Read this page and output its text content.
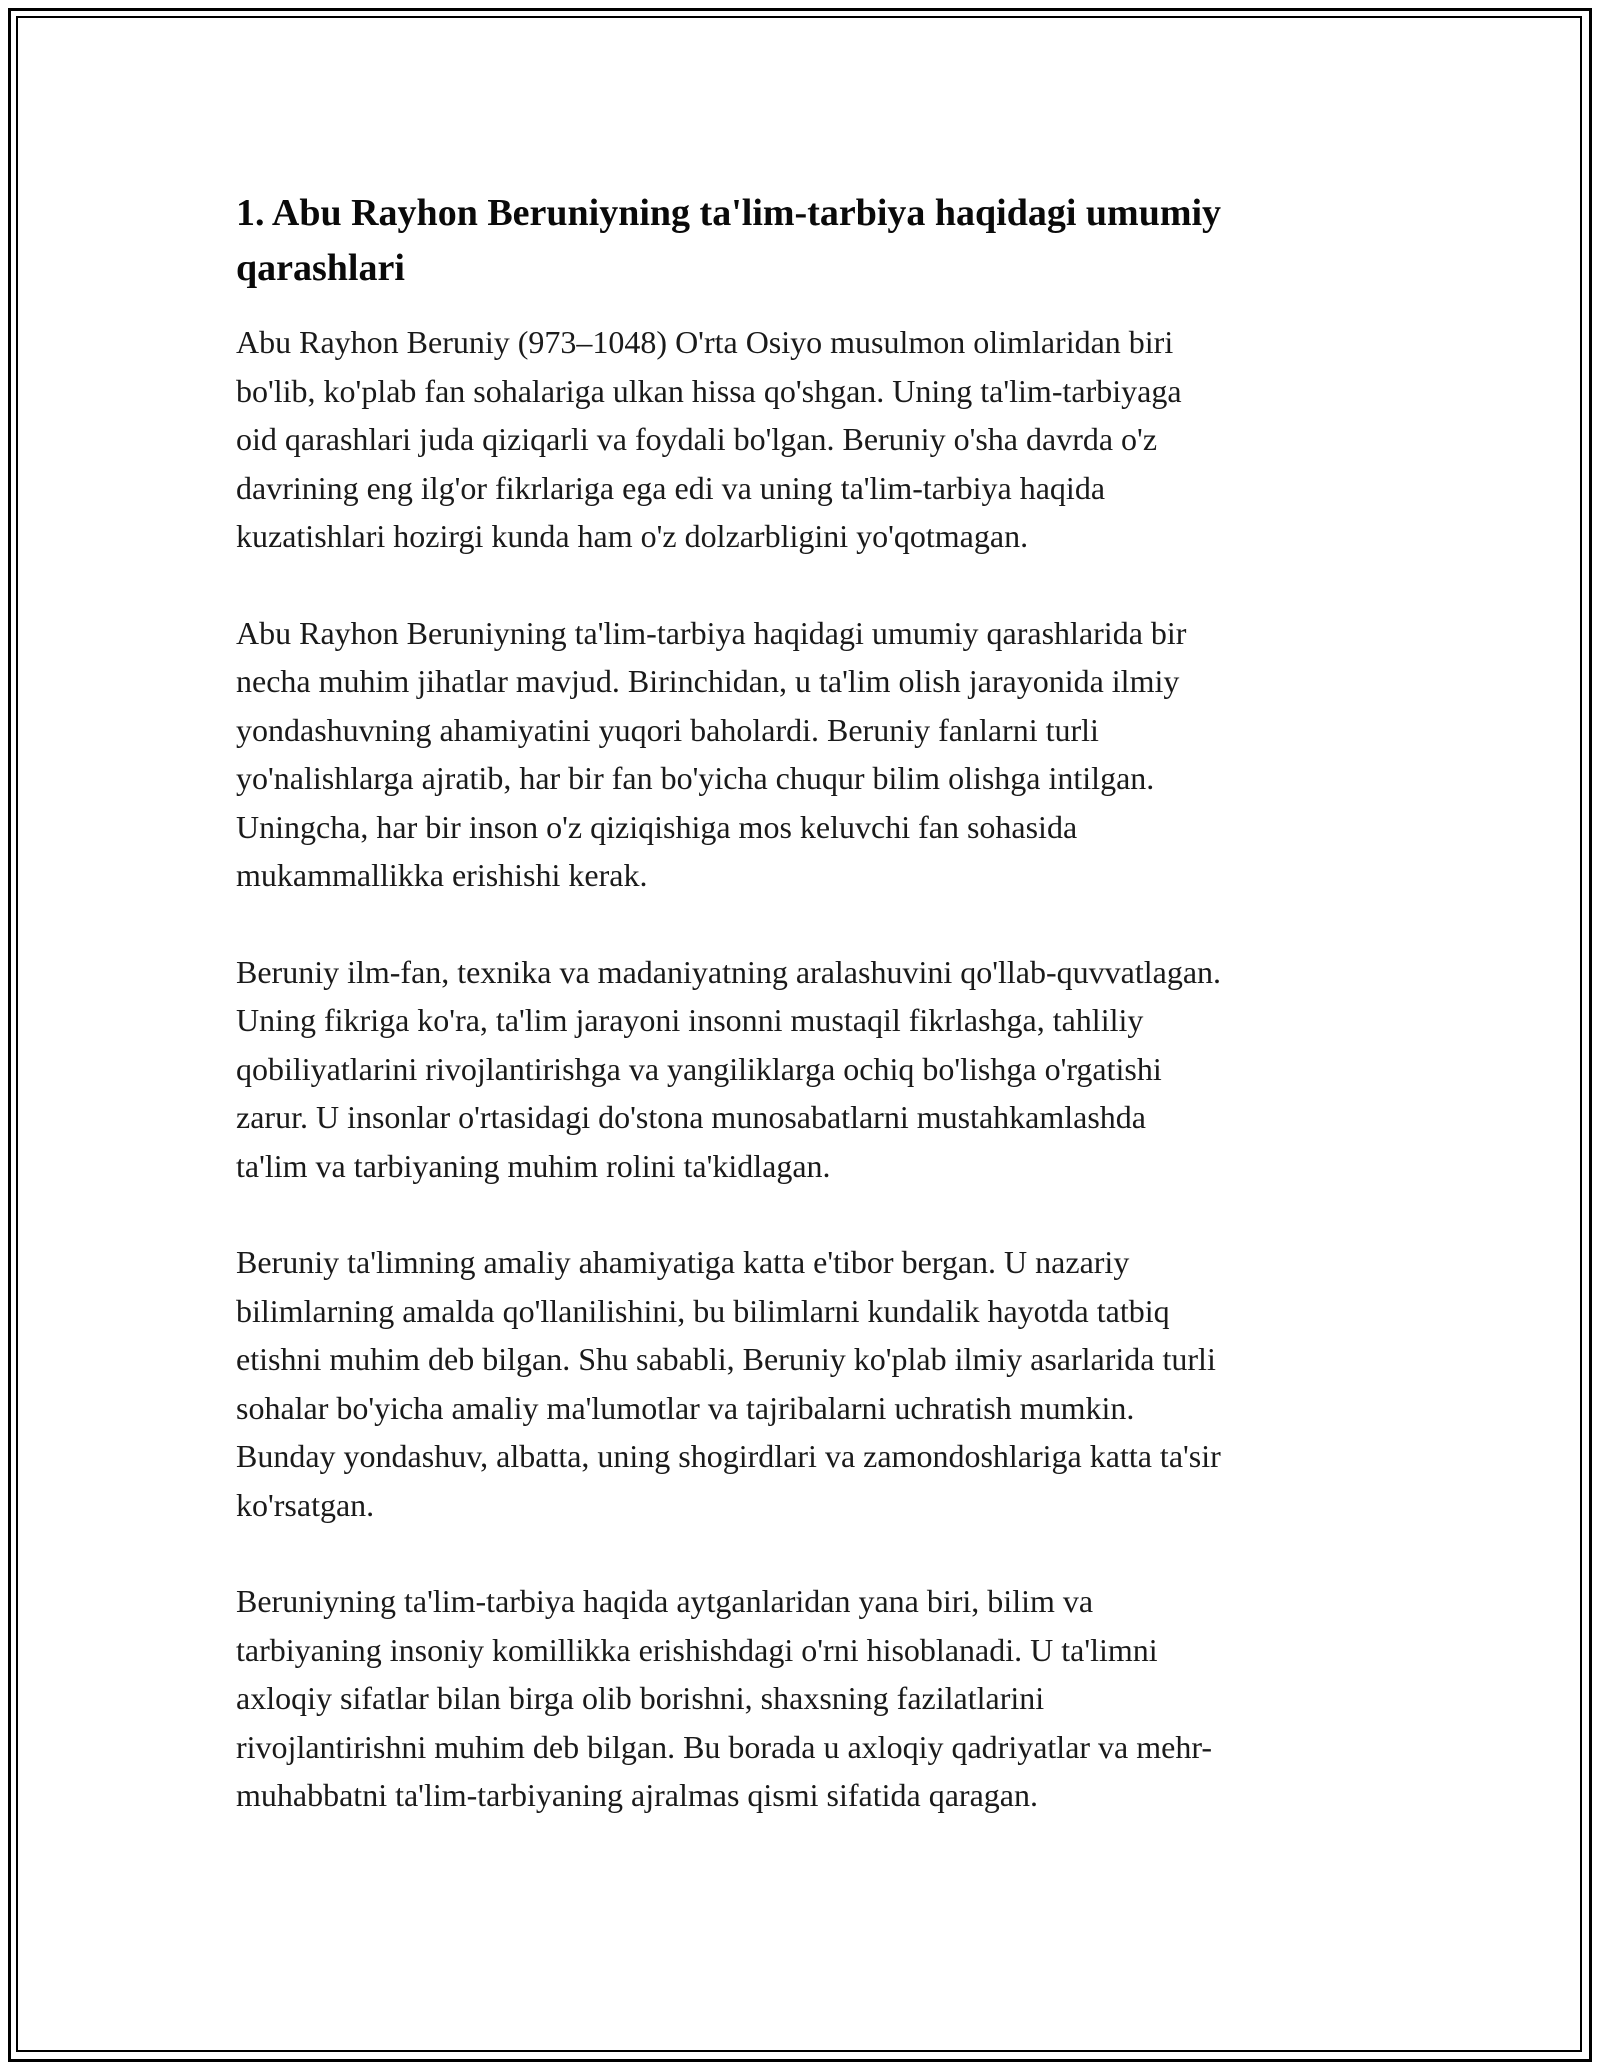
1. Abu Rayhon Beruniyning ta'lim-tarbiya haqidagi umumiy
qarashlari

Abu Rayhon Beruniy (973–1048) O'rta Osiyo musulmon olimlaridan biri
bo'lib, ko'plab fan sohalariga ulkan hissa qo'shgan. Uning ta'lim-tarbiyaga
oid qarashlari juda qiziqarli va foydali bo'lgan. Beruniy o'sha davrda o'z
davrining eng ilg'or fikrlariga ega edi va uning ta'lim-tarbiya haqida
kuzatishlari hozirgi kunda ham o'z dolzarbligini yo'qotmagan.

Abu Rayhon Beruniyning ta'lim-tarbiya haqidagi umumiy qarashlarida bir
necha muhim jihatlar mavjud. Birinchidan, u ta'lim olish jarayonida ilmiy
yondashuvning ahamiyatini yuqori baholardi. Beruniy fanlarni turli
yo'nalishlarga ajratib, har bir fan bo'yicha chuqur bilim olishga intilgan.
Uningcha, har bir inson o'z qiziqishiga mos keluvchi fan sohasida
mukammallikka erishishi kerak.

Beruniy ilm-fan, texnika va madaniyatning aralashuvini qo'llab-quvvatlagan.
Uning fikriga ko'ra, ta'lim jarayoni insonni mustaqil fikrlashga, tahliliy
qobiliyatlarini rivojlantirishga va yangiliklarga ochiq bo'lishga o'rgatishi
zarur. U insonlar o'rtasidagi do'stona munosabatlarni mustahkamlashda
ta'lim va tarbiyaning muhim rolini ta'kidlagan.

Beruniy ta'limning amaliy ahamiyatiga katta e'tibor bergan. U nazariy
bilimlarning amalda qo'llanilishini, bu bilimlarni kundalik hayotda tatbiq
etishni muhim deb bilgan. Shu sababli, Beruniy ko'plab ilmiy asarlarida turli
sohalar bo'yicha amaliy ma'lumotlar va tajribalarni uchratish mumkin.
Bunday yondashuv, albatta, uning shogirdlari va zamondoshlariga katta ta'sir
ko'rsatgan.

Beruniyning ta'lim-tarbiya haqida aytganlaridan yana biri, bilim va
tarbiyaning insoniy komillikka erishishdagi o'rni hisoblanadi. U ta'limni
axloqiy sifatlar bilan birga olib borishni, shaxsning fazilatlarini
rivojlantirishni muhim deb bilgan. Bu borada u axloqiy qadriyatlar va mehr-
muhabbatni ta'lim-tarbiyaning ajralmas qismi sifatida qaragan.
